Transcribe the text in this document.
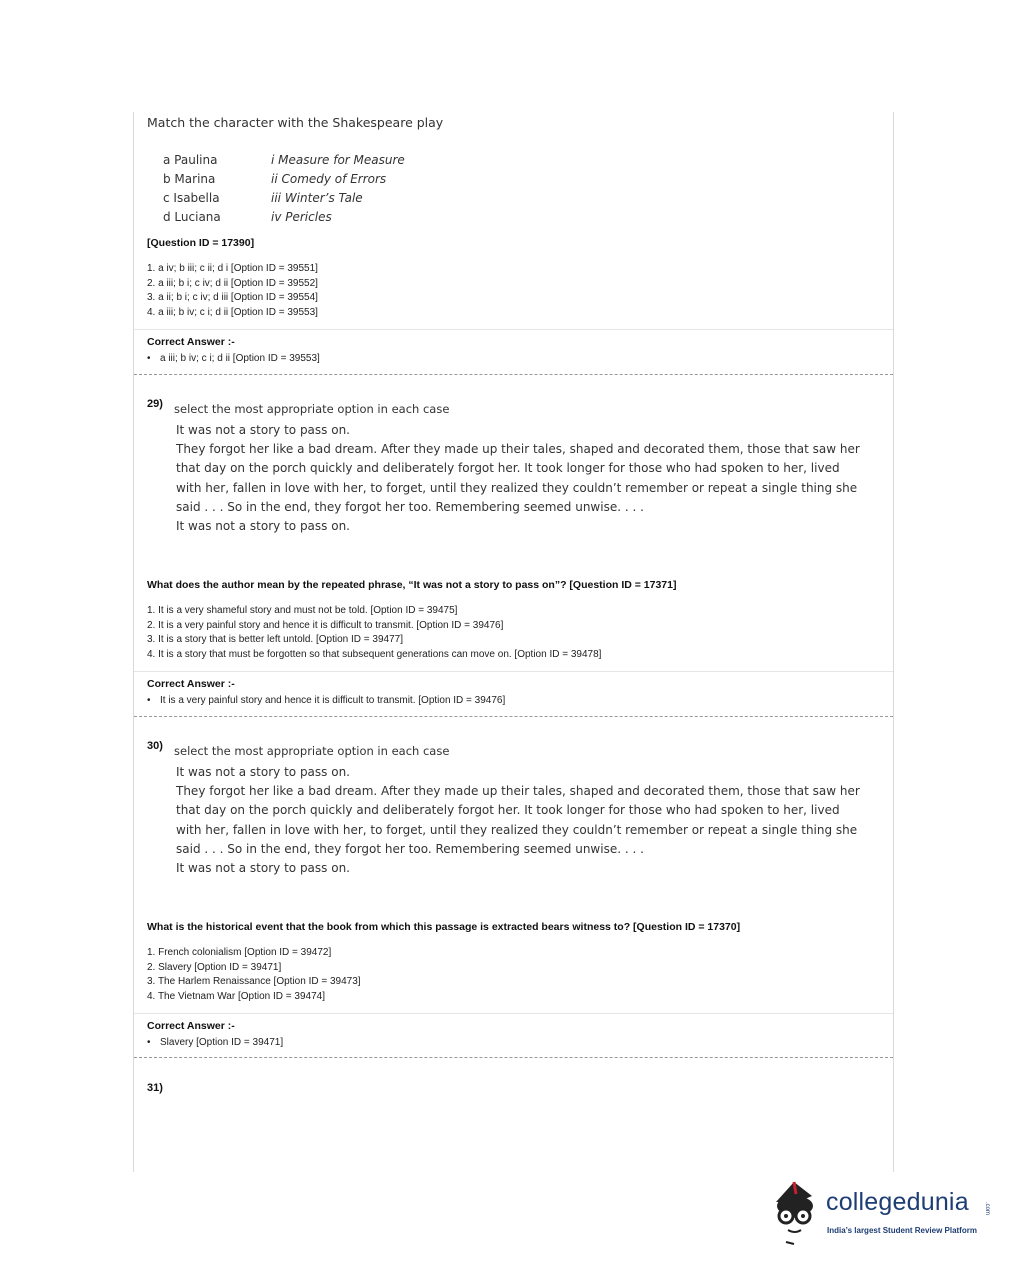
Match the character with the Shakespeare play
a Paulina	i Measure for Measure
b Marina	ii Comedy of Errors
c Isabella	iii Winter’s Tale
d Luciana	iv Pericles
[Question ID = 17390]
1. a iv; b iii; c ii; d i [Option ID = 39551]
2. a iii; b i; c iv; d ii [Option ID = 39552]
3. a ii; b i; c iv; d iii [Option ID = 39554]
4. a iii; b iv; c i; d ii [Option ID = 39553]
Correct Answer :-
• a iii; b iv; c i; d ii [Option ID = 39553]
29) select the most appropriate option in each case
It was not a story to pass on.
They forgot her like a bad dream. After they made up their tales, shaped and decorated them, those that saw her that day on the porch quickly and deliberately forgot her. It took longer for those who had spoken to her, lived with her, fallen in love with her, to forget, until they realized they couldn’t remember or repeat a single thing she said . . . So in the end, they forgot her too. Remembering seemed unwise. . . .
It was not a story to pass on.
What does the author mean by the repeated phrase, “It was not a story to pass on”? [Question ID = 17371]
1. It is a very shameful story and must not be told. [Option ID = 39475]
2. It is a very painful story and hence it is difficult to transmit. [Option ID = 39476]
3. It is a story that is better left untold. [Option ID = 39477]
4. It is a story that must be forgotten so that subsequent generations can move on. [Option ID = 39478]
Correct Answer :-
• It is a very painful story and hence it is difficult to transmit. [Option ID = 39476]
30) select the most appropriate option in each case
It was not a story to pass on.
They forgot her like a bad dream. After they made up their tales, shaped and decorated them, those that saw her that day on the porch quickly and deliberately forgot her. It took longer for those who had spoken to her, lived with her, fallen in love with her, to forget, until they realized they couldn’t remember or repeat a single thing she said . . . So in the end, they forgot her too. Remembering seemed unwise. . . .
It was not a story to pass on.
What is the historical event that the book from which this passage is extracted bears witness to? [Question ID = 17370]
1. French colonialism [Option ID = 39472]
2. Slavery [Option ID = 39471]
3. The Harlem Renaissance [Option ID = 39473]
4. The Vietnam War [Option ID = 39474]
Correct Answer :-
• Slavery [Option ID = 39471]
31)
collegedunia	.com
India’s largest Student Review Platform
